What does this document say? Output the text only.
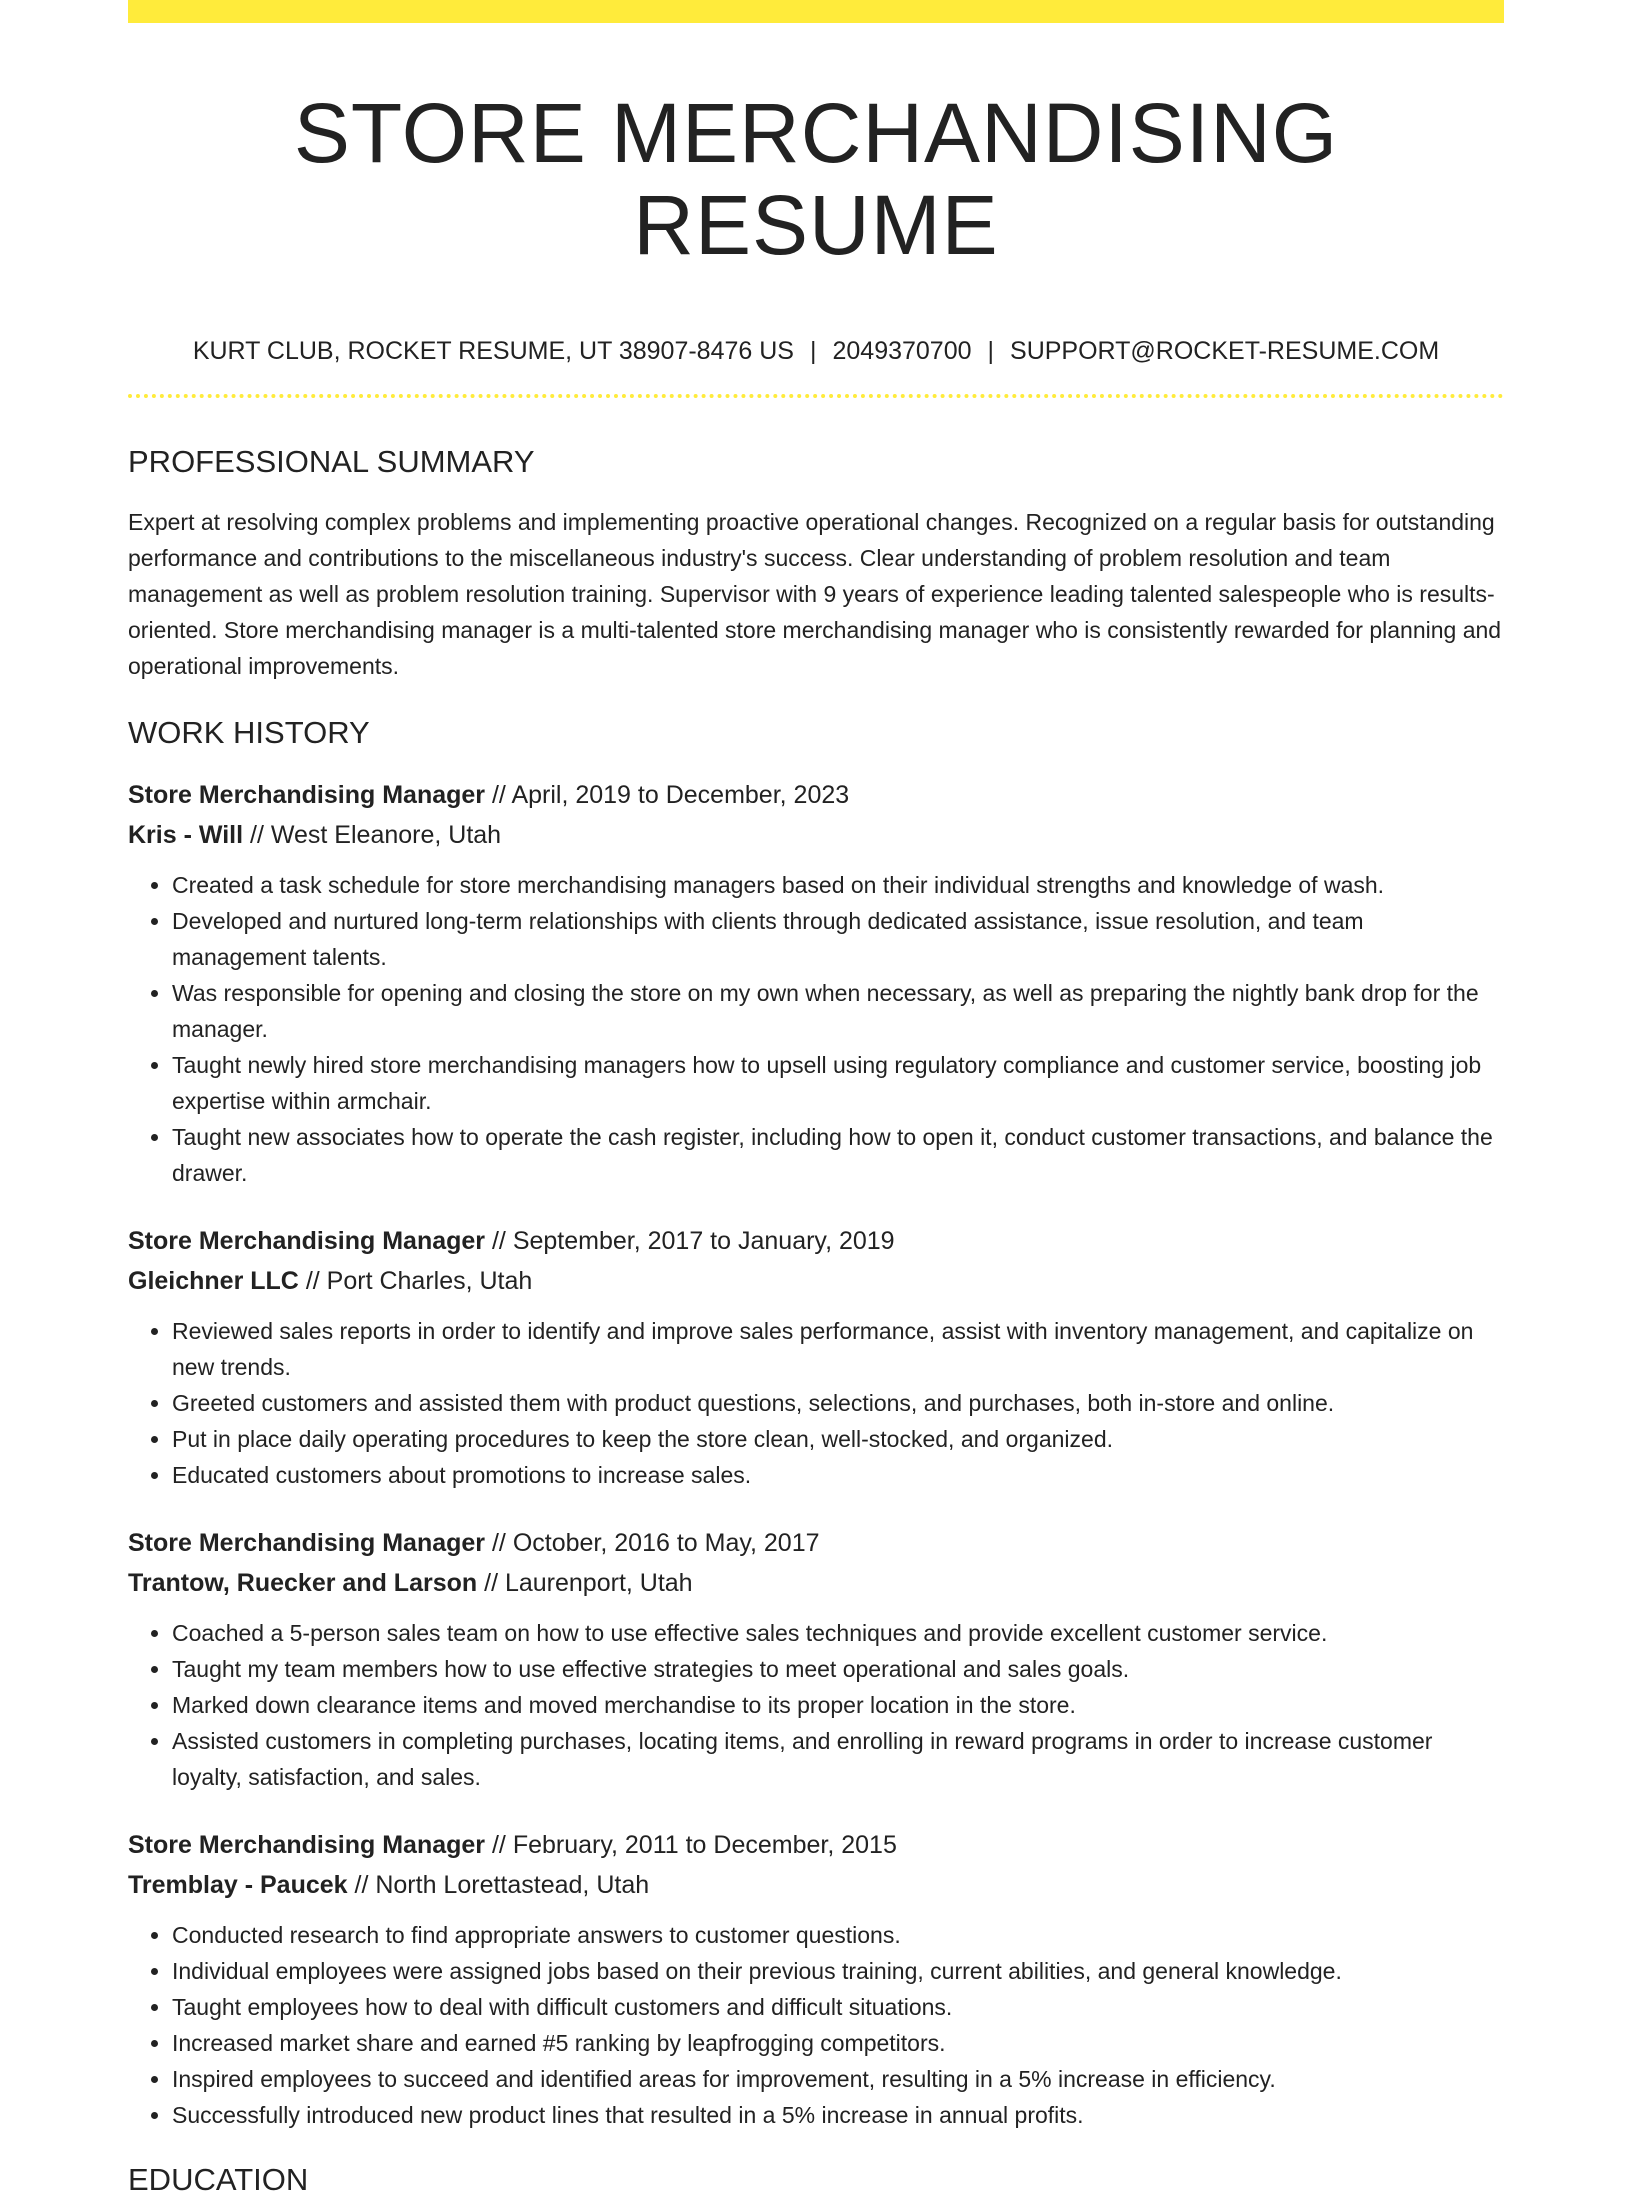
STORE MERCHANDISING RESUME
KURT CLUB, ROCKET RESUME, UT 38907-8476 US | 2049370700 | SUPPORT@ROCKET-RESUME.COM
PROFESSIONAL SUMMARY
Expert at resolving complex problems and implementing proactive operational changes. Recognized on a regular basis for outstanding performance and contributions to the miscellaneous industry's success. Clear understanding of problem resolution and team management as well as problem resolution training. Supervisor with 9 years of experience leading talented salespeople who is results-oriented. Store merchandising manager is a multi-talented store merchandising manager who is consistently rewarded for planning and operational improvements.
WORK HISTORY
Store Merchandising Manager // April, 2019 to December, 2023
Kris - Will // West Eleanore, Utah
• Created a task schedule for store merchandising managers based on their individual strengths and knowledge of wash.
• Developed and nurtured long-term relationships with clients through dedicated assistance, issue resolution, and team management talents.
• Was responsible for opening and closing the store on my own when necessary, as well as preparing the nightly bank drop for the manager.
• Taught newly hired store merchandising managers how to upsell using regulatory compliance and customer service, boosting job expertise within armchair.
• Taught new associates how to operate the cash register, including how to open it, conduct customer transactions, and balance the drawer.
Store Merchandising Manager // September, 2017 to January, 2019
Gleichner LLC // Port Charles, Utah
• Reviewed sales reports in order to identify and improve sales performance, assist with inventory management, and capitalize on new trends.
• Greeted customers and assisted them with product questions, selections, and purchases, both in-store and online.
• Put in place daily operating procedures to keep the store clean, well-stocked, and organized.
• Educated customers about promotions to increase sales.
Store Merchandising Manager // October, 2016 to May, 2017
Trantow, Ruecker and Larson // Laurenport, Utah
• Coached a 5-person sales team on how to use effective sales techniques and provide excellent customer service.
• Taught my team members how to use effective strategies to meet operational and sales goals.
• Marked down clearance items and moved merchandise to its proper location in the store.
• Assisted customers in completing purchases, locating items, and enrolling in reward programs in order to increase customer loyalty, satisfaction, and sales.
Store Merchandising Manager // February, 2011 to December, 2015
Tremblay - Paucek // North Lorettastead, Utah
• Conducted research to find appropriate answers to customer questions.
• Individual employees were assigned jobs based on their previous training, current abilities, and general knowledge.
• Taught employees how to deal with difficult customers and difficult situations.
• Increased market share and earned #5 ranking by leapfrogging competitors.
• Inspired employees to succeed and identified areas for improvement, resulting in a 5% increase in efficiency.
• Successfully introduced new product lines that resulted in a 5% increase in annual profits.
EDUCATION
